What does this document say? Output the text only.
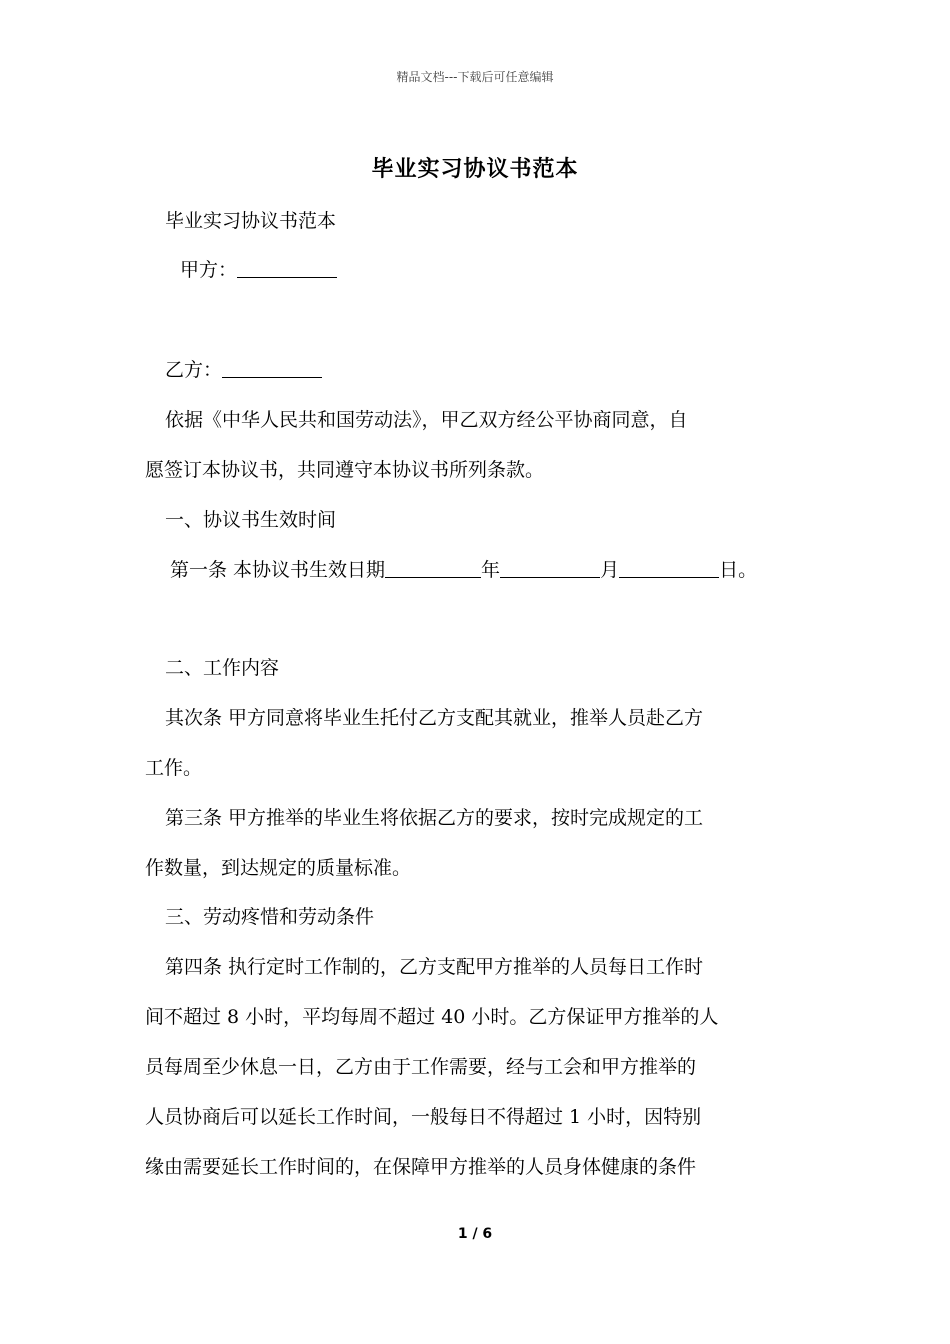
精品文档---下载后可任意编辑
毕业实习协议书范本

毕业实习协议书范本

甲方：

乙方：

依据《中华人民共和国劳动法》，甲乙双方经公平协商同意，自
愿签订本协议书，共同遵守本协议书所列条款。

一、协议书生效时间

第一条 本协议书生效日期	年	月	日。

二、工作内容

其次条 甲方同意将毕业生托付乙方支配其就业，推举人员赴乙方
工作。
第三条 甲方推举的毕业生将依据乙方的要求，按时完成规定的工
作数量，到达规定的质量标准。

三、劳动疼惜和劳动条件

第四条 执行定时工作制的，乙方支配甲方推举的人员每日工作时
间不超过 8 小时，平均每周不超过 40 小时。乙方保证甲方推举的人
员每周至少休息一日，乙方由于工作需要，经与工会和甲方推举的
人员协商后可以延长工作时间，一般每日不得超过 1 小时，因特别
缘由需要延长工作时间的，在保障甲方推举的人员身体健康的条件
1 / 6
